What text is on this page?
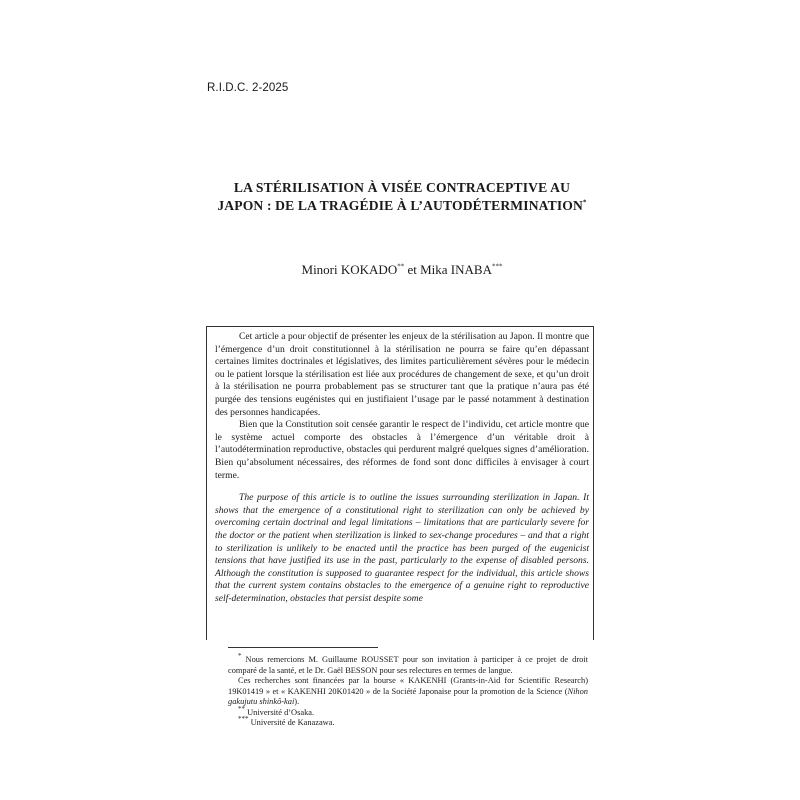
R.I.D.C. 2-2025
LA STÉRILISATION À VISÉE CONTRACEPTIVE AU
JAPON : DE LA TRAGÉDIE À L’AUTODÉTERMINATION*
Minori KOKADO** et Mika INABA***

Cet article a pour objectif de présenter les enjeux de la stérilisation au Japon. Il montre que l’émergence d’un droit constitutionnel à la stérilisation ne pourra se faire qu’en dépassant certaines limites doctrinales et législatives, des limites particulièrement sévères pour le médecin ou le patient lorsque la stérilisation est liée aux procédures de changement de sexe, et qu’un droit à la stérilisation ne pourra probablement pas se structurer tant que la pratique n’aura pas été purgée des tensions eugénistes qui en justifiaient l’usage par le passé notamment à destination des personnes handicapées.

Bien que la Constitution soit censée garantir le respect de l’individu, cet article montre que le système actuel comporte des obstacles à l’émergence d’un véritable droit à l’autodétermination reproductive, obstacles qui perdurent malgré quelques signes d’amélioration. Bien qu’absolument nécessaires, des réformes de fond sont donc difficiles à envisager à court terme.

The purpose of this article is to outline the issues surrounding sterilization in Japan. It shows that the emergence of a constitutional right to sterilization can only be achieved by overcoming certain doctrinal and legal limitations – limitations that are particularly severe for the doctor or the patient when sterilization is linked to sex-change procedures – and that a right to sterilization is unlikely to be enacted until the practice has been purged of the eugenicist tensions that have justified its use in the past, particularly to the expense of disabled persons. Although the constitution is supposed to guarantee respect for the individual, this article shows that the current system contains obstacles to the emergence of a genuine right to reproductive self-determination, obstacles that persist despite some

* Nous remercions M. Guillaume ROUSSET pour son invitation à participer à ce projet de droit comparé de la santé, et le Dr. Gaël BESSON pour ses relectures en termes de langue.

Ces recherches sont financées par la bourse « KAKENHI (Grants-in-Aid for Scientific Research) 19K01419 » et « KAKENHI 20K01420 » de la Société Japonaise pour la promotion de la Science (Nihon gakujutu shinkô-kai).

** Université d’Osaka.

*** Université de Kanazawa.
